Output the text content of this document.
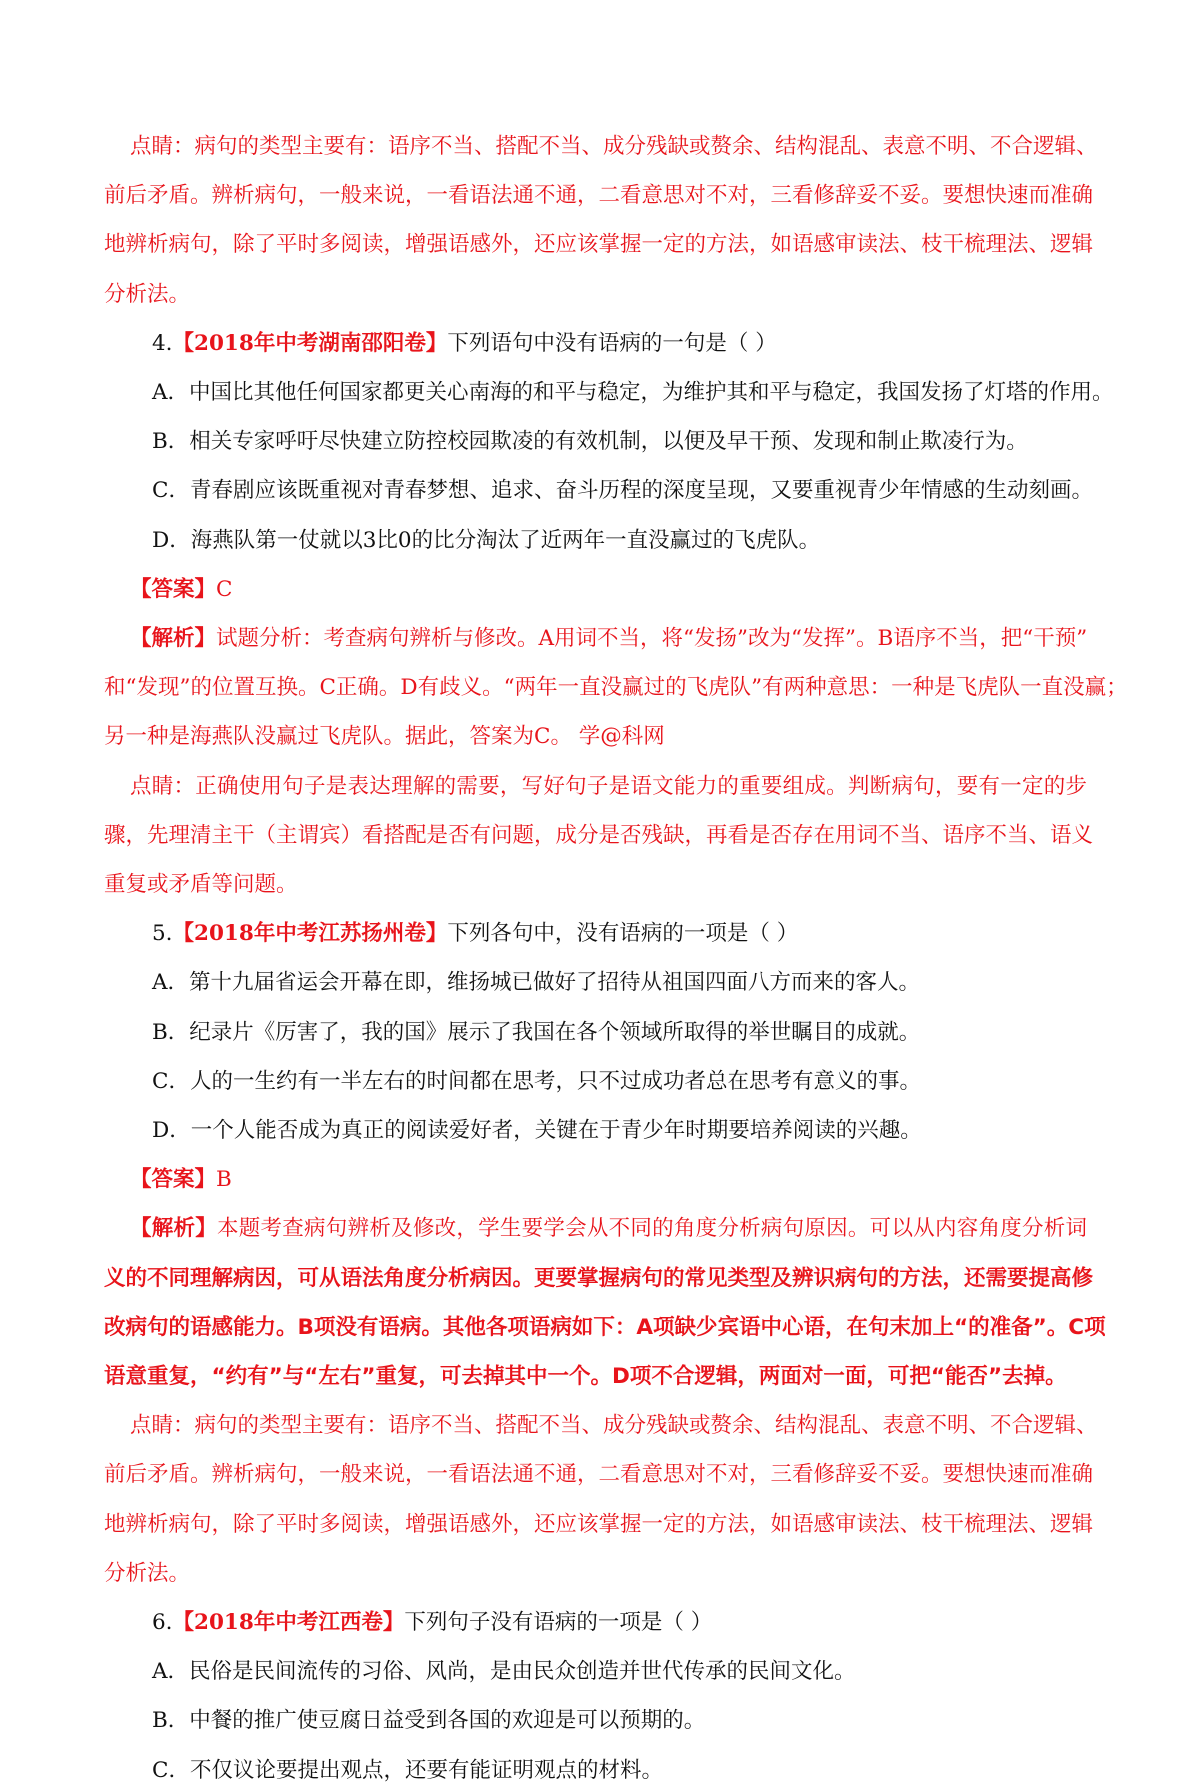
点睛：病句的类型主要有：语序不当、搭配不当、成分残缺或赘余、结构混乱、表意不明、不合逻辑、
前后矛盾。辨析病句，一般来说，一看语法通不通，二看意思对不对，三看修辞妥不妥。要想快速而准确
地辨析病句，除了平时多阅读，增强语感外，还应该掌握一定的方法，如语感审读法、枝干梳理法、逻辑
分析法。
4.【2018年中考湖南邵阳卷】下列语句中没有语病的一句是（ ）
A．中国比其他任何国家都更关心南海的和平与稳定，为维护其和平与稳定，我国发扬了灯塔的作用。
B．相关专家呼吁尽快建立防控校园欺凌的有效机制，以便及早干预、发现和制止欺凌行为。
C．青春剧应该既重视对青春梦想、追求、奋斗历程的深度呈现，又要重视青少年情感的生动刻画。
D．海燕队第一仗就以3比0的比分淘汰了近两年一直没赢过的飞虎队。
【答案】C
【解析】试题分析：考查病句辨析与修改。A用词不当，将“发扬”改为“发挥”。B语序不当，把“干预”
和“发现”的位置互换。C正确。D有歧义。“两年一直没赢过的飞虎队”有两种意思：一种是飞虎队一直没赢；
另一种是海燕队没赢过飞虎队。据此，答案为C。 学@科网
点睛：正确使用句子是表达理解的需要，写好句子是语文能力的重要组成。判断病句，要有一定的步
骤，先理清主干（主谓宾）看搭配是否有问题，成分是否残缺，再看是否存在用词不当、语序不当、语义
重复或矛盾等问题。
5.【2018年中考江苏扬州卷】下列各句中，没有语病的一项是（ ）
A．第十九届省运会开幕在即，维扬城已做好了招待从祖国四面八方而来的客人。
B．纪录片《厉害了，我的国》展示了我国在各个领域所取得的举世瞩目的成就。
C．人的一生约有一半左右的时间都在思考，只不过成功者总在思考有意义的事。
D．一个人能否成为真正的阅读爱好者，关键在于青少年时期要培养阅读的兴趣。
【答案】B
【解析】本题考查病句辨析及修改，学生要学会从不同的角度分析病句原因。可以从内容角度分析词
义的不同理解病因，可从语法角度分析病因。更要掌握病句的常见类型及辨识病句的方法，还需要提高修
改病句的语感能力。B项没有语病。其他各项语病如下：A项缺少宾语中心语，在句末加上“的准备”。C项
语意重复，“约有”与“左右”重复，可去掉其中一个。D项不合逻辑，两面对一面，可把“能否”去掉。
点睛：病句的类型主要有：语序不当、搭配不当、成分残缺或赘余、结构混乱、表意不明、不合逻辑、
前后矛盾。辨析病句，一般来说，一看语法通不通，二看意思对不对，三看修辞妥不妥。要想快速而准确
地辨析病句，除了平时多阅读，增强语感外，还应该掌握一定的方法，如语感审读法、枝干梳理法、逻辑
分析法。
6.【2018年中考江西卷】下列句子没有语病的一项是（ ）
A．民俗是民间流传的习俗、风尚，是由民众创造并世代传承的民间文化。
B．中餐的推广使豆腐日益受到各国的欢迎是可以预期的。
C．不仅议论要提出观点，还要有能证明观点的材料。
